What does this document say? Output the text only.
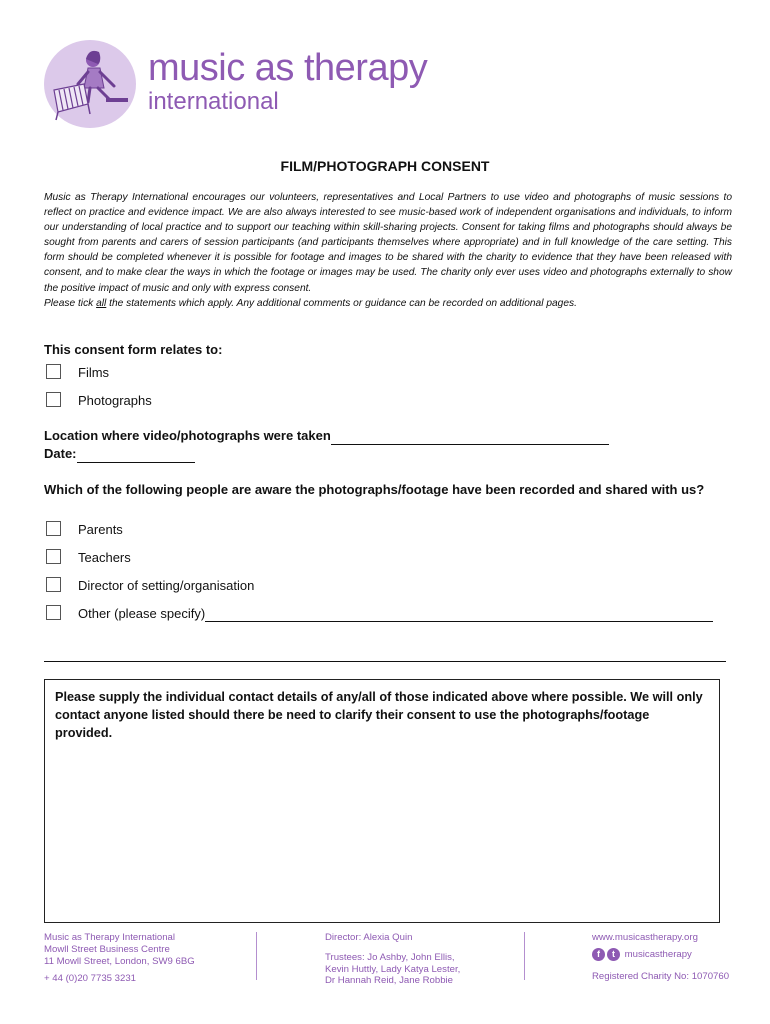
music as therapy
international
FILM/PHOTOGRAPH CONSENT

Music as Therapy International encourages our volunteers, representatives and Local Partners to use video and photographs of music sessions to reflect on practice and evidence impact. We are also always interested to see music-based work of independent organisations and individuals, to inform our understanding of local practice and to support our teaching within skill-sharing projects. Consent for taking films and photographs should always be sought from parents and carers of session participants (and participants themselves where appropriate) and in full knowledge of the care setting. This form should be completed whenever it is possible for footage and images to be shared with the charity to evidence that they have been released with consent, and to make clear the ways in which the footage or images may be used. The charity only ever uses video and photographs externally to show the positive impact of music and only with express consent.

Please tick all the statements which apply. Any additional comments or guidance can be recorded on additional pages.

This consent form relates to:
Films
Photographs
Location where video/photographs were taken
Date:
Which of the following people are aware the photographs/footage have been recorded and shared with us?
Parents
Teachers
Director of setting/organisation
Other (please specify)
Please supply the individual contact details of any/all of those indicated above where possible. We will only contact anyone listed should there be need to clarify their consent to use the photographs/footage provided.
Music as Therapy International
Mowll Street Business Centre
11 Mowll Street, London, SW9 6BG
+ 44 (0)20 7735 3231
Director: Alexia Quin
Trustees: Jo Ashby, John Ellis,
Kevin Huttly, Lady Katya Lester,
Dr Hannah Reid, Jane Robbie
www.musicastherapy.org
f t musicastherapy
Registered Charity No: 1070760
